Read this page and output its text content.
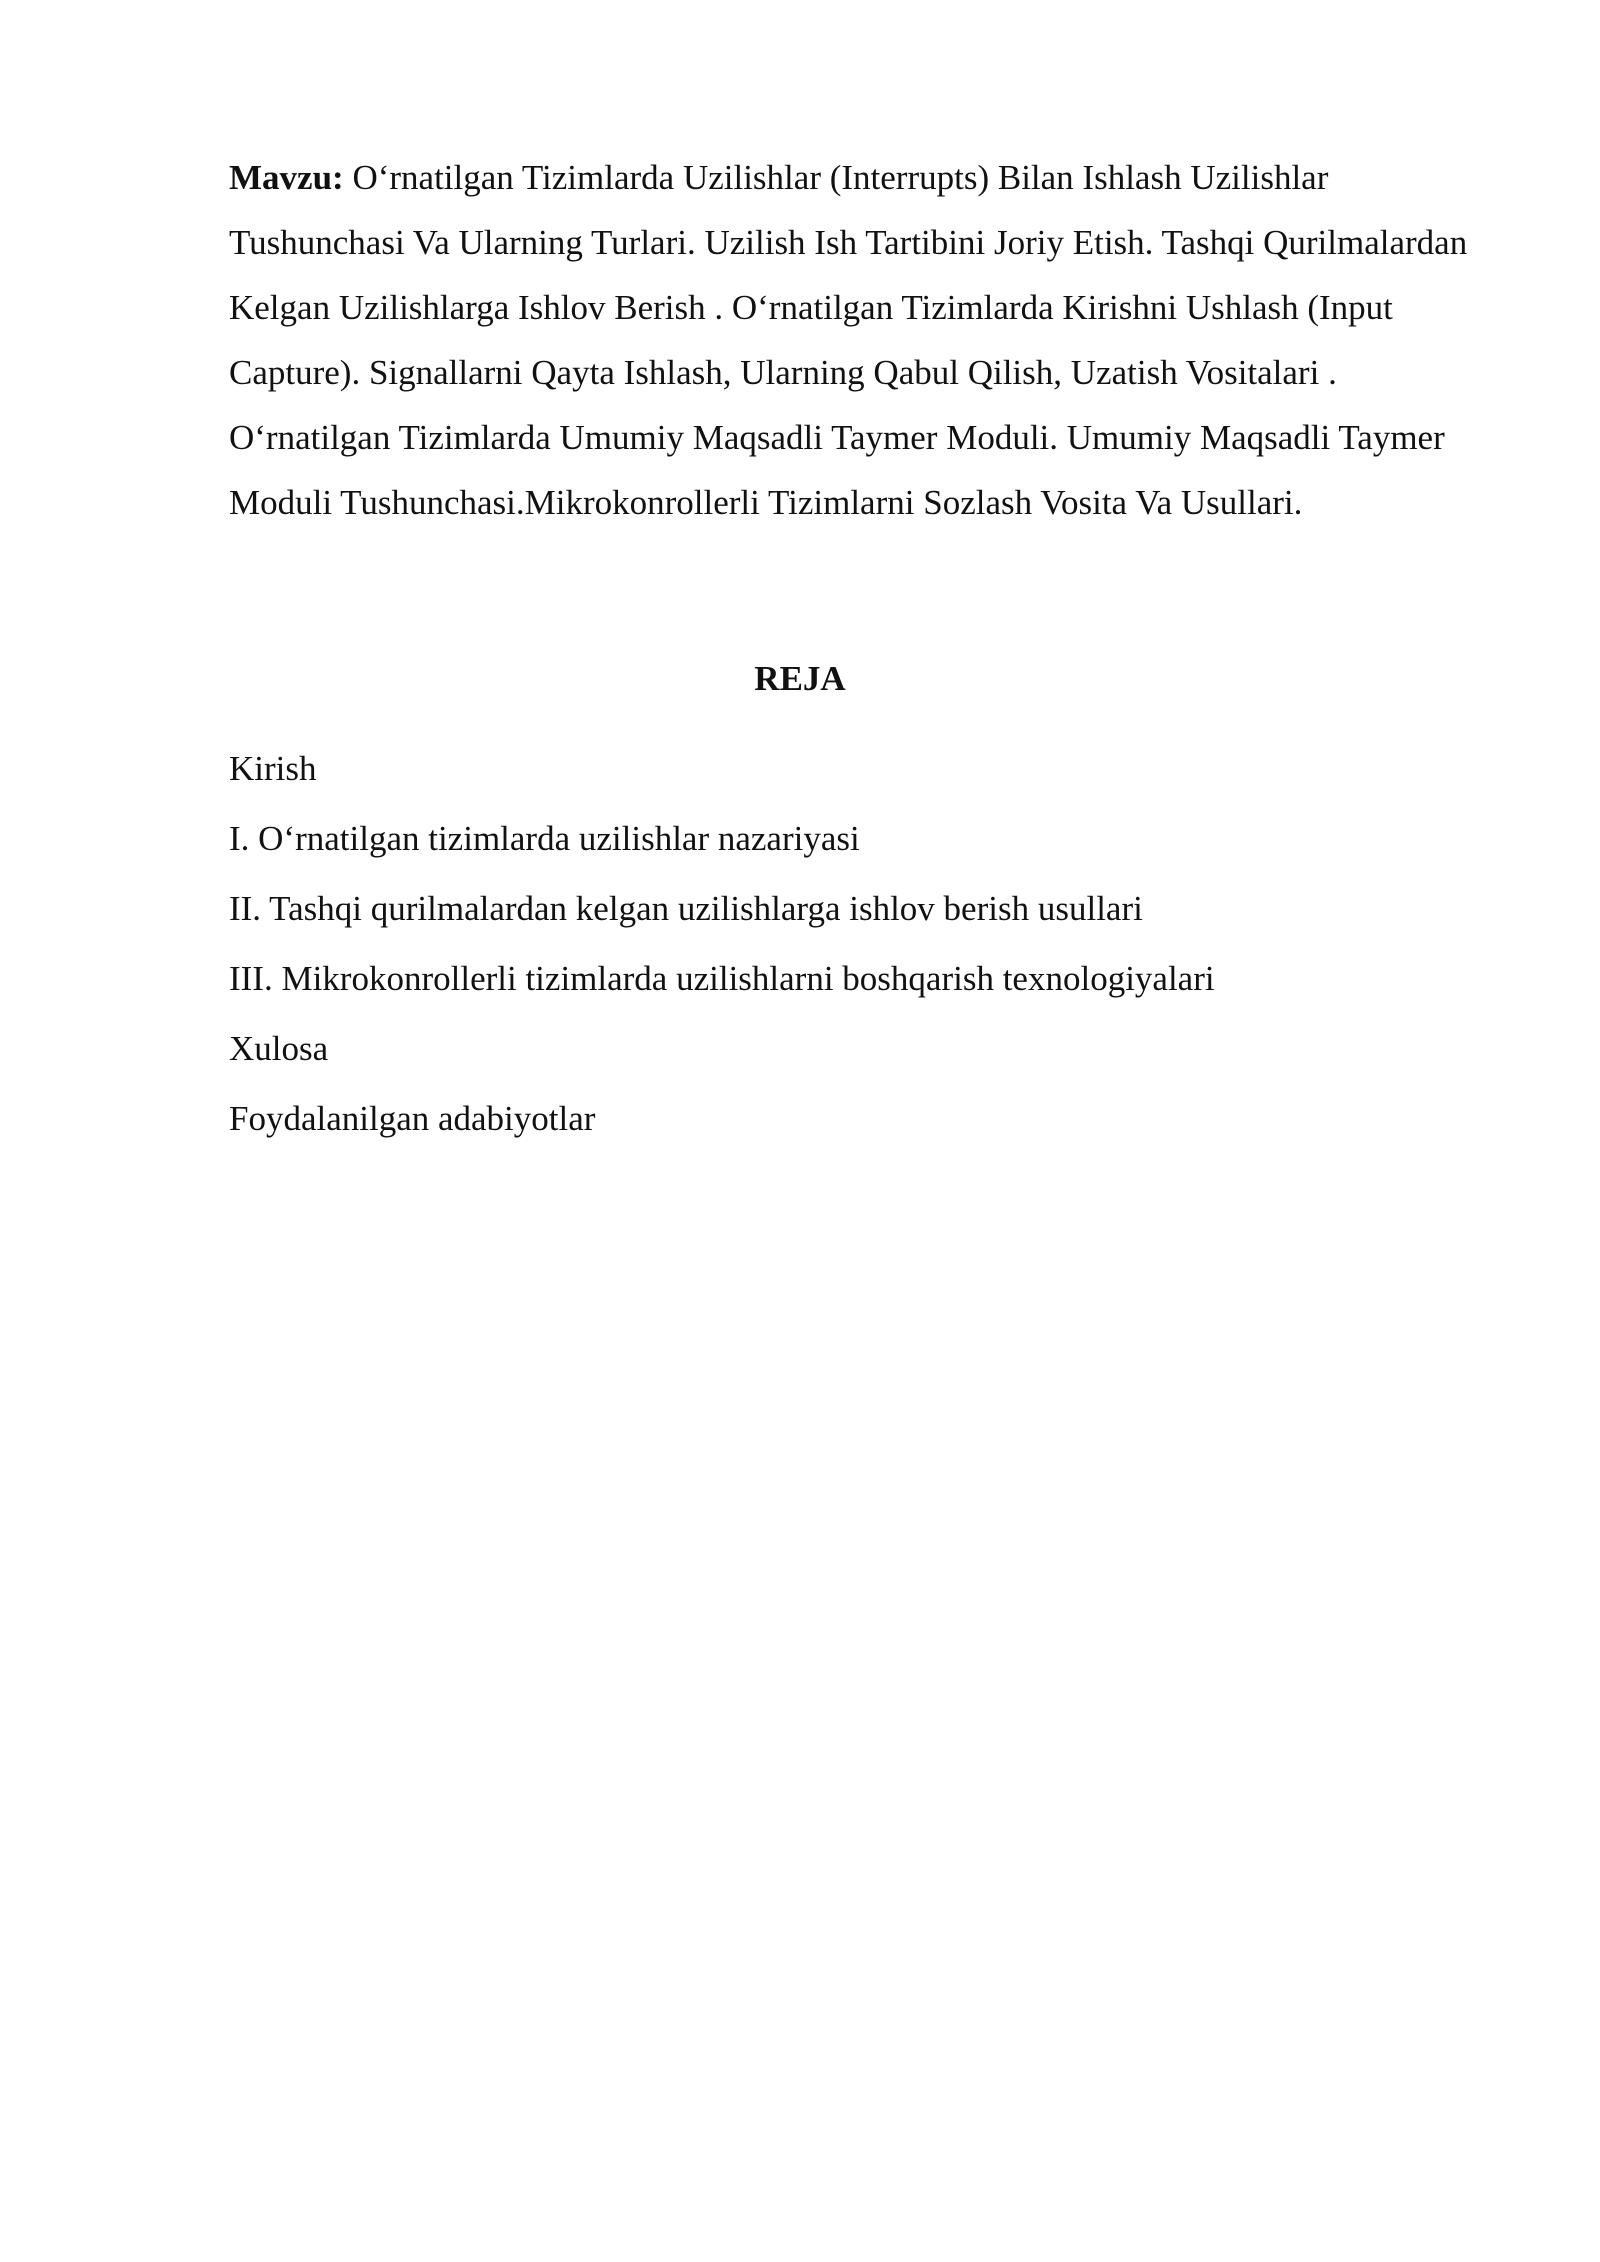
Mavzu: O‘rnatilgan Tizimlarda Uzilishlar (Interrupts) Bilan Ishlash Uzilishlar Tushunchasi Va Ularning Turlari. Uzilish Ish Tartibini Joriy Etish. Tashqi Qurilmalardan Kelgan Uzilishlarga Ishlov Berish . O‘rnatilgan Tizimlarda Kirishni Ushlash (Input Capture). Signallarni Qayta Ishlash, Ularning Qabul Qilish, Uzatish Vositalari . O‘rnatilgan Tizimlarda Umumiy Maqsadli Taymer Moduli. Umumiy Maqsadli Taymer Moduli Tushunchasi.Mikrokonrollerli Tizimlarni Sozlash Vosita Va Usullari.

REJA
Kirish
I. O‘rnatilgan tizimlarda uzilishlar nazariyasi
II. Tashqi qurilmalardan kelgan uzilishlarga ishlov berish usullari
III. Mikrokonrollerli tizimlarda uzilishlarni boshqarish texnologiyalari
Xulosa
Foydalanilgan adabiyotlar
